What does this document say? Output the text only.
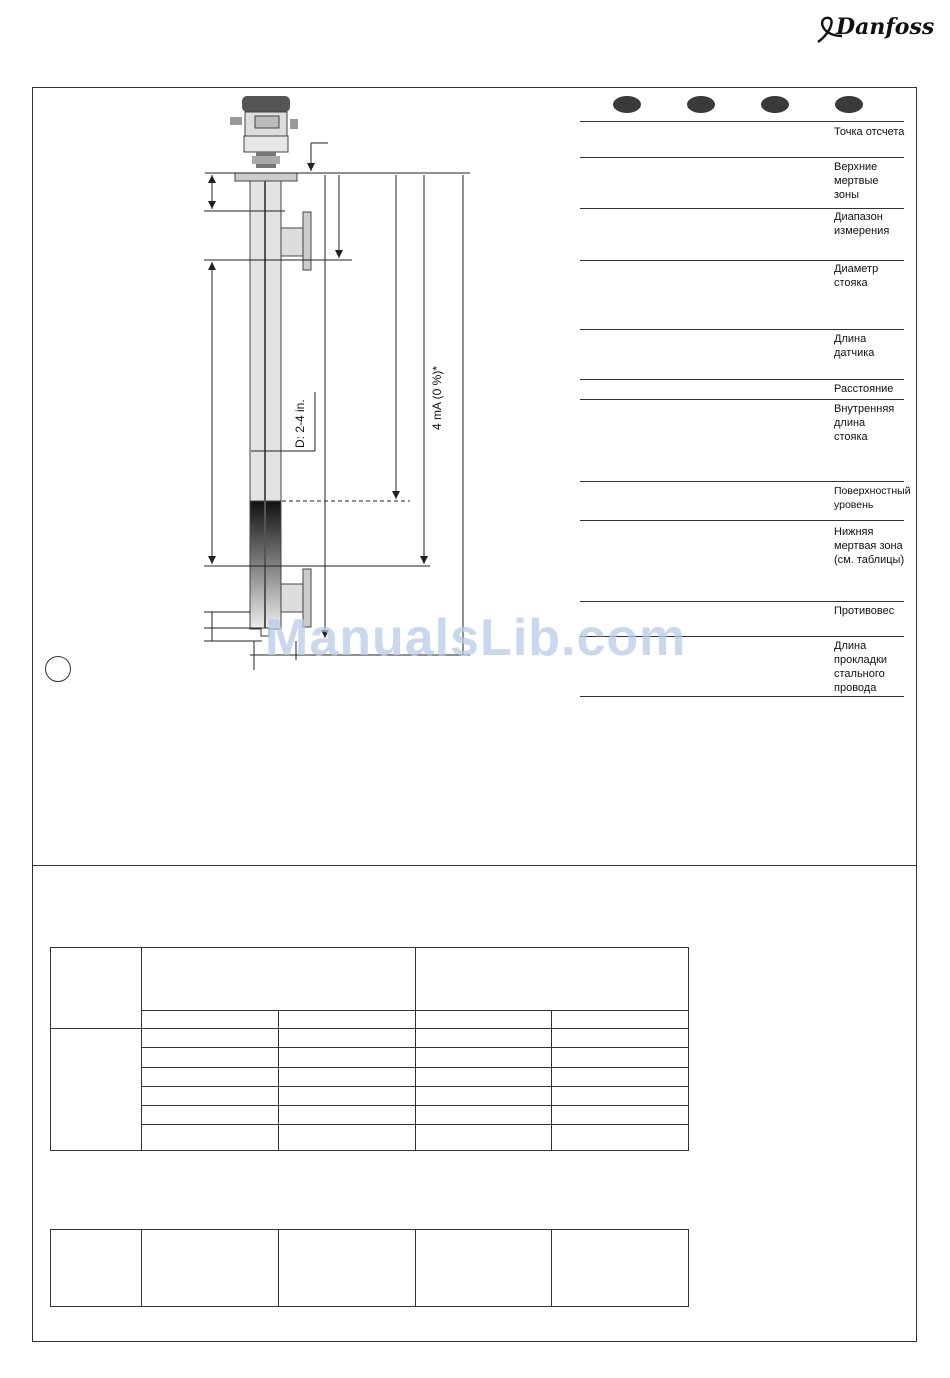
Danfoss
D: 2-4 in.	4 mA (0 %)*
Точка отсчета
Верхние
мертвые
зоны
Диапазон
измерения
Диаметр
стояка
Длина
датчика
Расстояние
Внутренняя
длина
стояка
Поверхностный
уровень
Нижняя
мертвая зона
(см. таблицы)
Противовес
Длина
прокладки
стального
провода
ManualsLib.com
